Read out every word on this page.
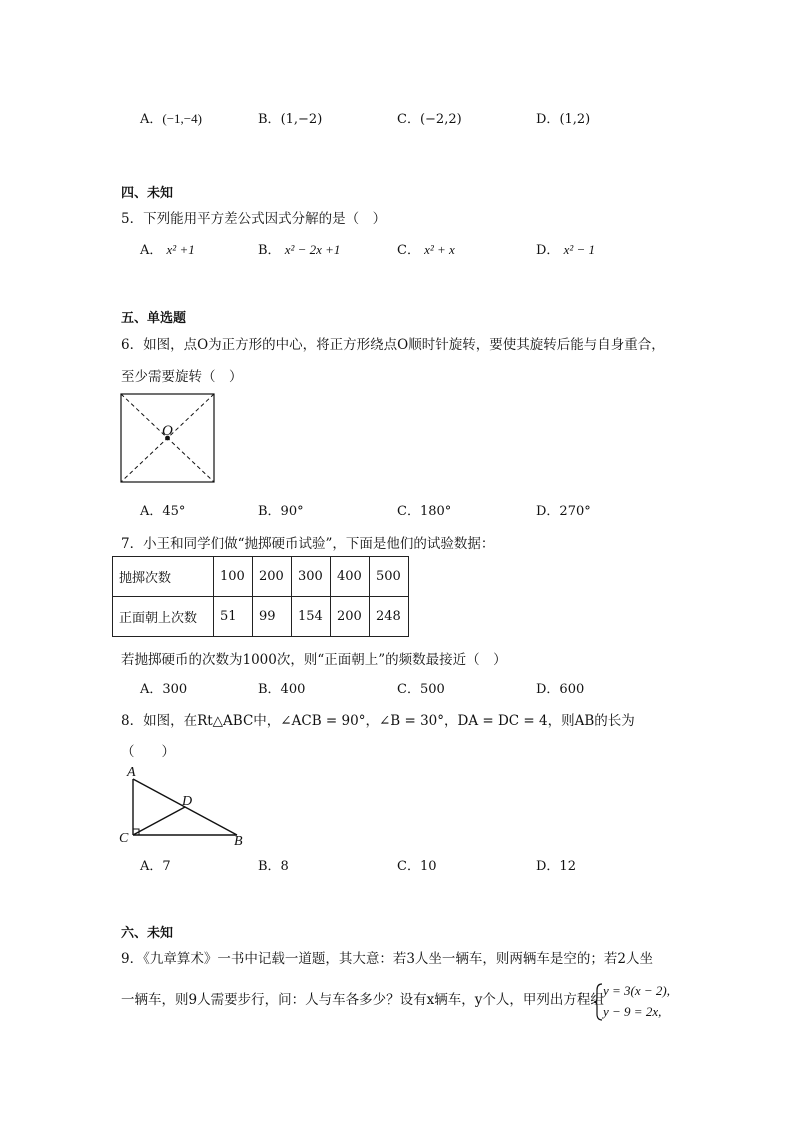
A．(−1,−4)	B．(1,−2)	C．(−2,2)	D．(1,2)
四、未知
5．下列能用平方差公式因式分解的是（　）
A． x² +1	B． x² − 2x +1	C． x² + x	D． x² − 1
五、单选题
6．如图，点O为正方形的中心，将正方形绕点O顺时针旋转，要使其旋转后能与自身重合，
至少需要旋转（　）
O
A．45°	B．90°	C．180°	D．270°
7．小王和同学们做“抛掷硬币试验”，下面是他们的试验数据：
抛掷次数	100	200	300	400	500
正面朝上次数	51	99	154	200	248
若抛掷硬币的次数为1000次，则“正面朝上”的频数最接近（　）
A．300	B．400	C．500	D．600
8．如图，在Rt△ABC中，∠ACB = 90°，∠B = 30°，DA = DC = 4，则AB的长为
（　　）
A
D
C	B
A．7	B．8	C．10	D．12
六、未知
9．《九章算术》一书中记载一道题，其大意：若3人坐一辆车，则两辆车是空的；若2人坐
一辆车，则9人需要步行，问：人与车各多少？设有x辆车，y个人，甲列出方程组
y = 3(x − 2),
y − 9 = 2x,
